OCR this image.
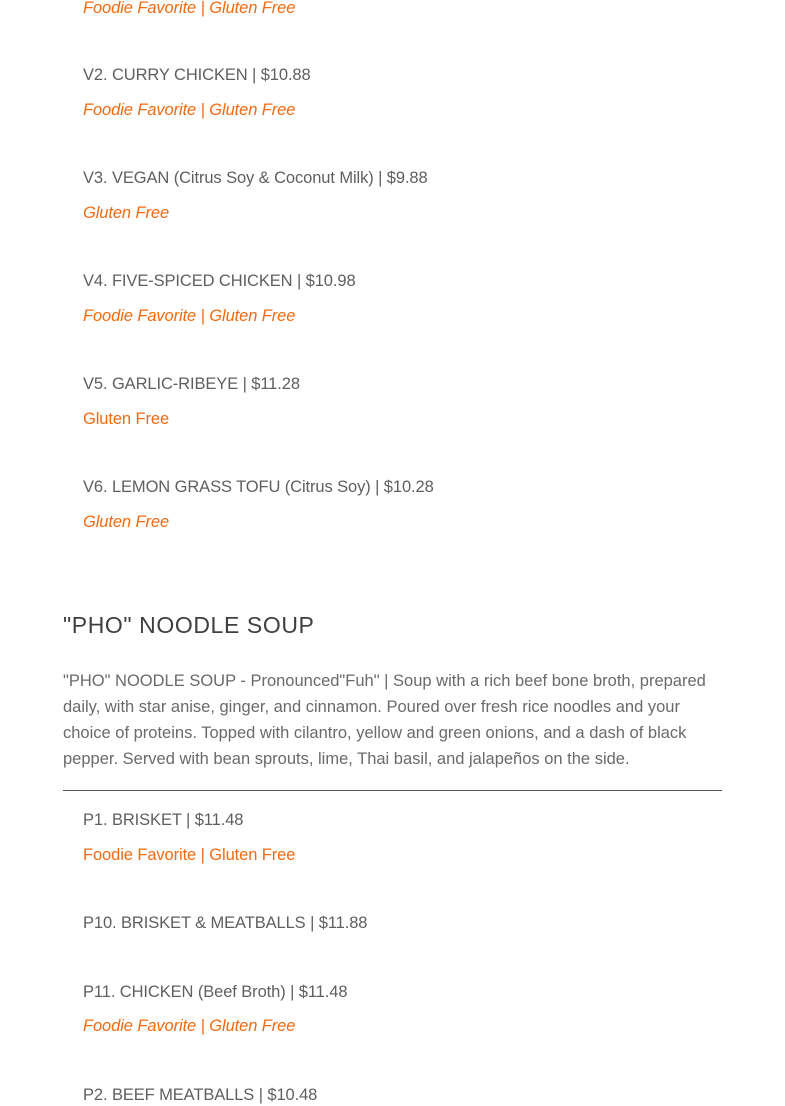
Foodie Favorite | Gluten Free
V2. CURRY CHICKEN | $10.88
Foodie Favorite | Gluten Free
V3. VEGAN (Citrus Soy & Coconut Milk) | $9.88
Gluten Free
V4. FIVE-SPICED CHICKEN | $10.98
Foodie Favorite | Gluten Free
V5. GARLIC-RIBEYE | $11.28
Gluten Free
V6. LEMON GRASS TOFU (Citrus Soy) | $10.28
Gluten Free
"PHO" NOODLE SOUP
"PHO" NOODLE SOUP - Pronounced"Fuh" | Soup with a rich beef bone broth, prepared daily, with star anise, ginger, and cinnamon. Poured over fresh rice noodles and your choice of proteins. Topped with cilantro, yellow and green onions, and a dash of black pepper. Served with bean sprouts, lime, Thai basil, and jalapeños on the side.
P1. BRISKET | $11.48
Foodie Favorite | Gluten Free
P10. BRISKET & MEATBALLS | $11.88
P11. CHICKEN (Beef Broth) | $11.48
Foodie Favorite | Gluten Free
P2. BEEF MEATBALLS | $10.48
